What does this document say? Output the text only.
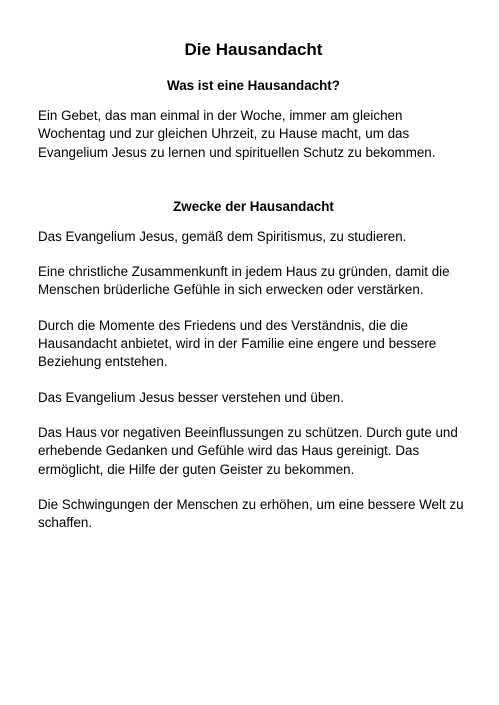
Die Hausandacht
Was ist eine Hausandacht?

Ein Gebet, das man einmal in der Woche, immer am gleichen Wochentag und zur gleichen Uhrzeit, zu Hause macht, um das Evangelium Jesus zu lernen und spirituellen Schutz zu bekommen.

Zwecke der Hausandacht

Das Evangelium Jesus, gemäß dem Spiritismus, zu studieren.

Eine christliche Zusammenkunft in jedem Haus zu gründen, damit die Menschen brüderliche Gefühle in sich erwecken oder verstärken.

Durch die Momente des Friedens und des Verständnis, die die Hausandacht anbietet, wird in der Familie eine engere und bessere Beziehung entstehen.

Das Evangelium Jesus besser verstehen und üben.

Das Haus vor negativen Beeinflussungen zu schützen. Durch gute und erhebende Gedanken und Gefühle wird das Haus gereinigt. Das ermöglicht, die Hilfe der guten Geister zu bekommen.

Die Schwingungen der Menschen zu erhöhen, um eine bessere Welt zu schaffen.
